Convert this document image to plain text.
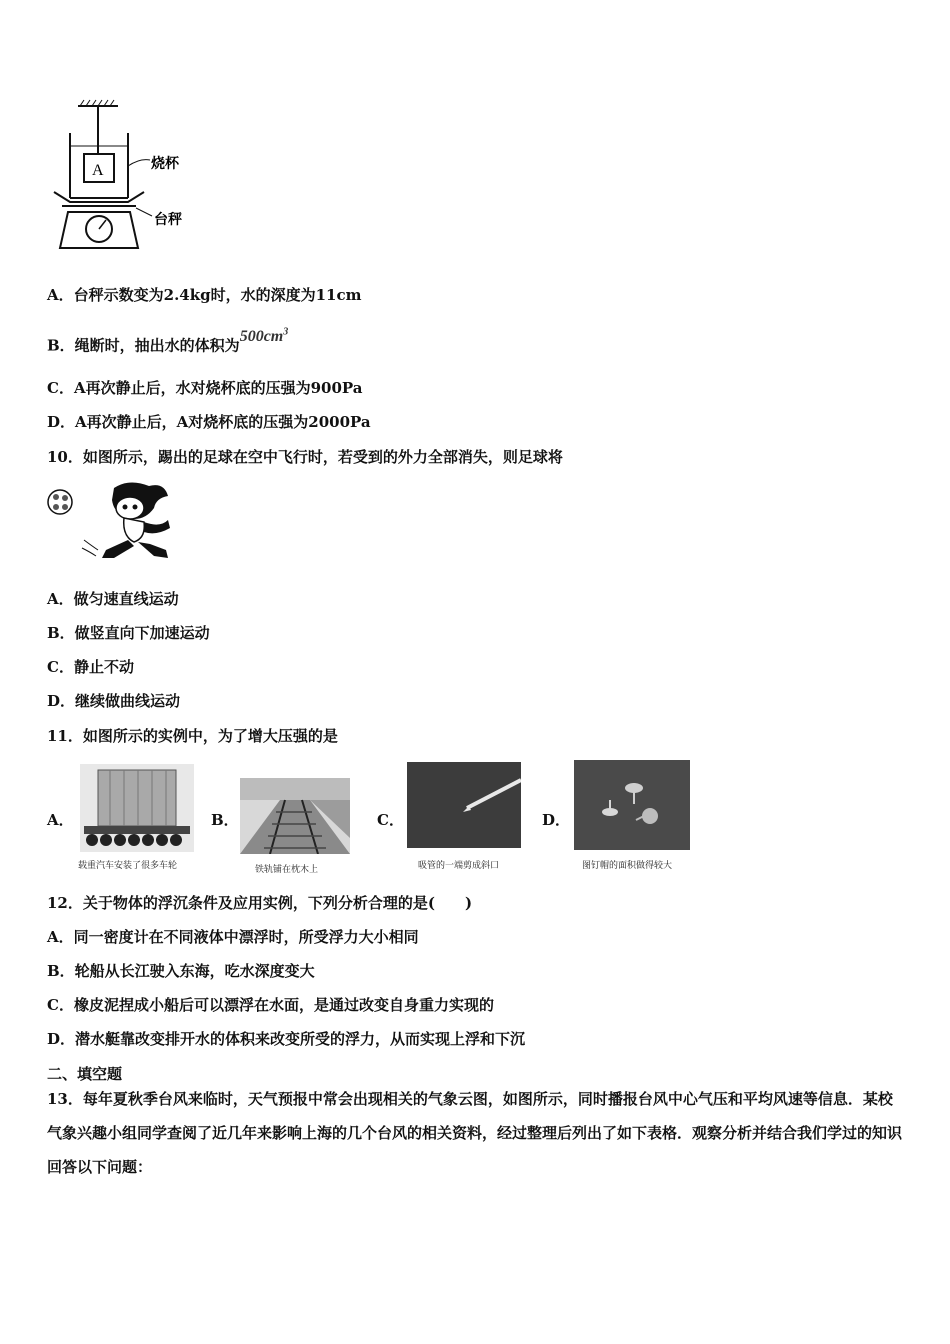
A	烧杯
台秤
A．台秤示数变为2.4kg时，水的深度为11cm
B．绳断时，抽出水的体积为$500cm^3$
C．A再次静止后，水对烧杯底的压强为900Pa
D．A再次静止后，A对烧杯底的压强为2000Pa
10．如图所示，踢出的足球在空中飞行时，若受到的外力全部消失，则足球将
A．做匀速直线运动
B．做竖直向下加速运动
C．静止不动
D．继续做曲线运动
11．如图所示的实例中，为了增大压强的是
A．
载重汽车安装了很多车轮
B．
铁轨铺在枕木上
C．
吸管的一端剪成斜口
D．
图钉帽的面积做得较大
12．关于物体的浮沉条件及应用实例，下列分析合理的是(　　)
A．同一密度计在不同液体中漂浮时，所受浮力大小相同
B．轮船从长江驶入东海，吃水深度变大
C．橡皮泥捏成小船后可以漂浮在水面，是通过改变自身重力实现的
D．潜水艇靠改变排开水的体积来改变所受的浮力，从而实现上浮和下沉
二、填空题
13．每年夏秋季台风来临时，天气预报中常会出现相关的气象云图，如图所示，同时播报台风中心气压和平均风速等信息．某校气象兴趣小组同学查阅了近几年来影响上海的几个台风的相关资料，经过整理后列出了如下表格．观察分析并结合我们学过的知识回答以下问题：
